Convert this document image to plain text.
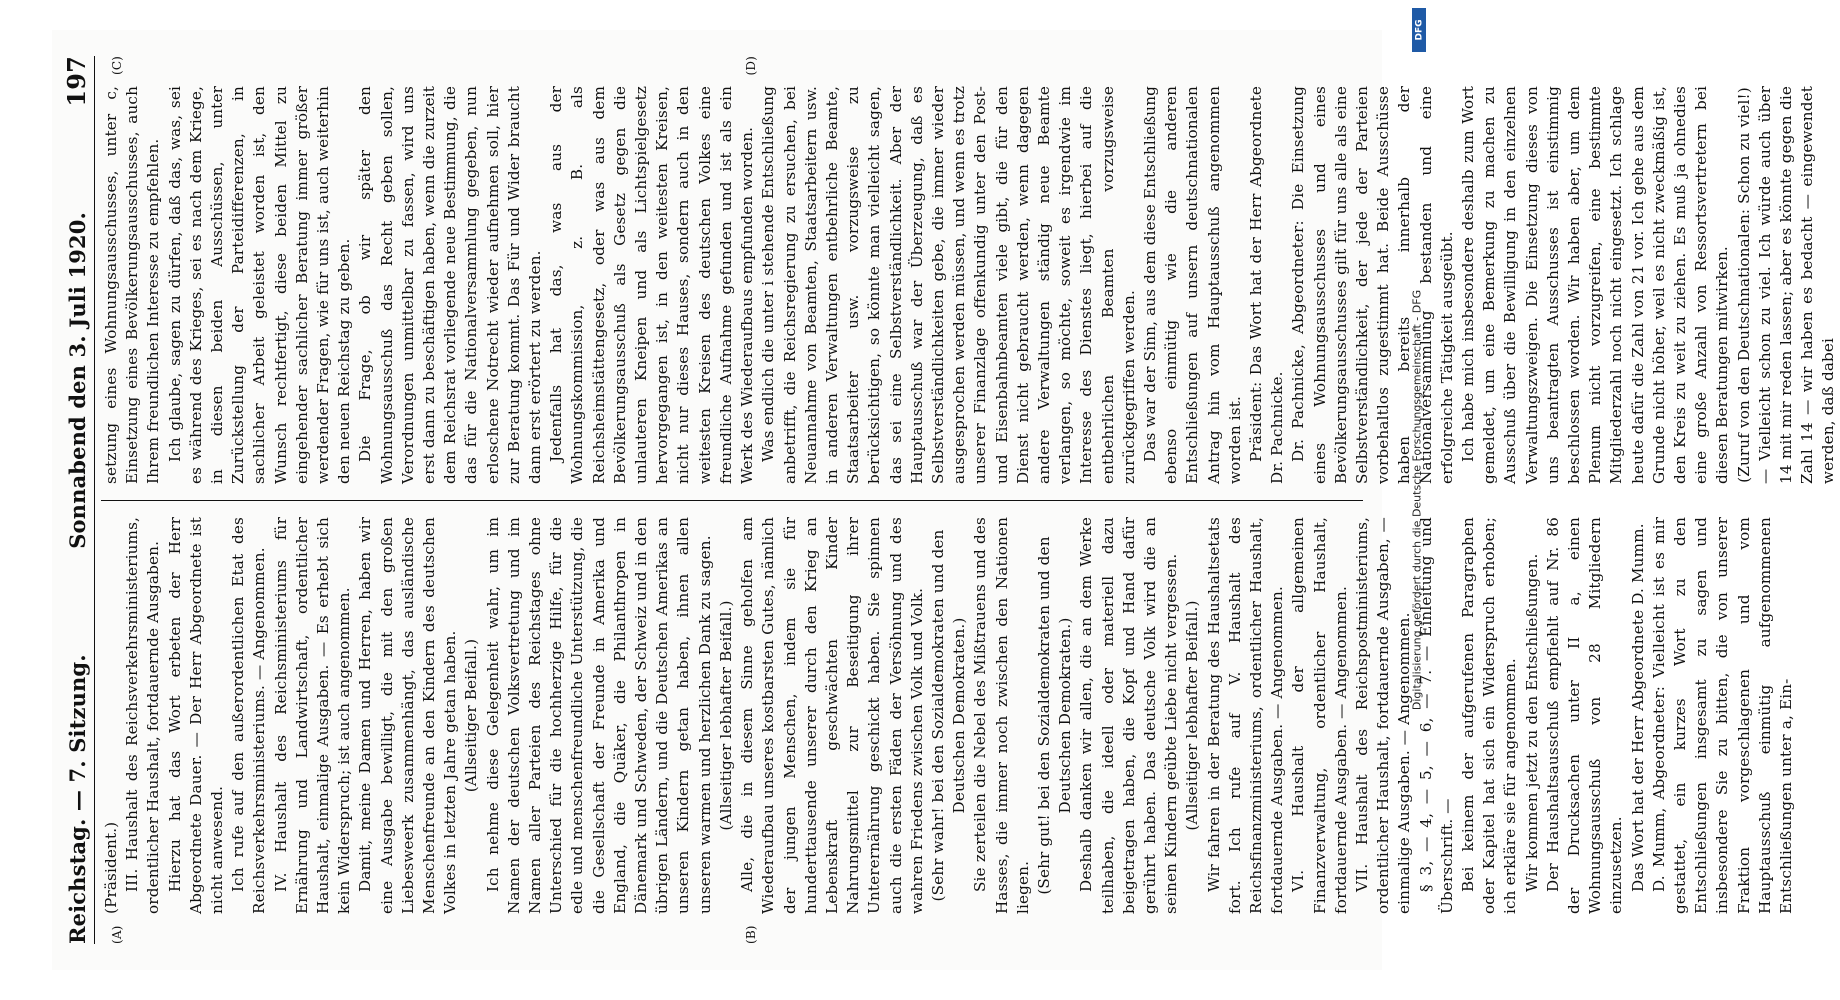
Reichstag. — 7. Sitzung.
Sonnabend den 3. Juli 1920.
197
(A)	(B)

(Präsident.) III. Haushalt des Reichsverkehrsministeriums, ordentlicher Haushalt, fortdauernde Ausgaben. Hierzu hat das Wort erbeten der Herr Abgeordnete Dauer. — Der Herr Abgeordnete ist nicht anwesend. Ich rufe auf den außerordentlichen Etat des Reichsverkehrsministeriums. — Angenommen. IV. Haushalt des Reichsministeriums für Ernährung und Landwirtschaft, ordentlicher Haushalt, einmalige Ausgaben. — Es erhebt sich kein Widerspruch; ist auch angenommen. Damit, meine Damen und Herren, haben wir eine Ausgabe bewilligt, die mit den großen Liebesweerk zusammenhängt, das ausländische Menschenfreunde an den Kindern des deutschen Volkes in letzten Jahre getan haben. (Allseitiger Beifall.) Ich nehme diese Gelegenheit wahr, um im Namen der deutschen Volksvertretung und im Namen aller Parteien des Reichstages ohne Unterschied für die hochherzige Hilfe, für die edle und menschenfreundliche Unterstützung, die die Gesellschaft der Freunde in Amerika und England, die Quäker, die Philanthropen in Dänemark und Schweden, der Schweiz und in den übrigen Ländern, und die Deutschen Amerikas an unseren Kindern getan haben, ihnen allen unseren warmen und herzlichen Dank zu sagen. (Allseitiger lebhafter Beifall.) Alle, die in diesem Sinne geholfen am Wiederaufbau unseres kostbarsten Gutes, nämlich der jungen Menschen, indem sie für hunderttausende unserer durch den Krieg an Lebenskraft geschwächten Kinder Nahrungsmittel zur Beseitigung ihrer Unterernährung geschickt haben. Sie spinnen auch die ersten Fäden der Versöhnung und des wahren Friedens zwischen Volk und Volk. (Sehr wahr! bei den Sozialdemokraten und den Deutschen Demokraten.) Sie zerteilen die Nebel des Mißtrauens und des Hasses, die immer noch zwischen den Nationen liegen. (Sehr gut! bei den Sozialdemokraten und den Deutschen Demokraten.) Deshalb danken wir allen, die an dem Werke teilhaben, die ideell oder materiell dazu beigetragen haben, die Kopf und Hand dafür gerührt haben. Das deutsche Volk wird die an seinen Kindern geübte Liebe nicht vergessen. (Allseitiger lebhafter Beifall.) Wir fahren in der Beratung des Haushaltsetats fort. Ich rufe auf V. Haushalt des Reichsfinanzministeriums, ordentlicher Haushalt, fortdauernde Ausgaben. — Angenommen. VI. Haushalt der allgemeinen Finanzverwaltung, ordentlicher Haushalt, fortdauernde Ausgaben. — Angenommen. VII. Haushalt des Reichspostministeriums, ordentlicher Haushalt, fortdauernde Ausgaben, — einmalige Ausgaben. — Angenommen. § 3, — 4, — 5, — 6, — 7. — Einleitung und Überschrift. — Bei keinem der aufgerufenen Paragraphen oder Kapitel hat sich ein Widerspruch erhoben; ich erkläre sie für angenommen. Wir kommen jetzt zu den Entschließungen. Der Haushaltsausschuß empfiehlt auf Nr. 86 der Drucksachen unter II a, einen Wohnungsausschuß von 28 Mitgliedern einzusetzen. Das Wort hat der Herr Abgeordnete D. Mumm. D. Mumm, Abgeordneter: Vielleicht ist es mir gestattet, ein kurzes Wort zu den Entschließungen insgesamt zu sagen und insbesondere Sie zu bitten, die von unserer Fraktion vorgeschlagenen und vom Hauptausschuß einmütig aufgenommenen Entschließungen unter a, Ein-

(C)	(D)

setzung eines Wohnungsausschusses, unter c, Einsetzung eines Bevölkerungsausschusses, auch Ihrem freundlichen Interesse zu empfehlen. Ich glaube, sagen zu dürfen, daß das, was, sei es während des Krieges, sei es nach dem Kriege, in diesen beiden Ausschüssen, unter Zurückstellung der Parteidifferenzen, in sachlicher Arbeit geleistet worden ist, den Wunsch rechtfertigt, diese beiden Mittel zu eingehender sachlicher Beratung immer größer werdender Fragen, wie für uns ist, auch weiterhin den neuen Reichstag zu geben. Die Frage, ob wir später den Wohnungsausschuß das Recht geben sollen, Verordnungen unmittelbar zu fassen, wird uns erst dann zu beschäftigen haben, wenn die zurzeit dem Reichsrat vorliegende neue Bestimmung, die das für die Nationalversammlung gegeben, nun erloschene Notrecht wieder aufnehmen soll, hier zur Beratung kommt. Das Für und Wider braucht dann erst erörtert zu werden. Jedenfalls hat das, was aus der Wohnungskommission, z. B. als Reichsheimstättengesetz, oder was aus dem Bevölkerungsausschuß als Gesetz gegen die unlauteren Kneipen und als Lichtspielgesetz hervorgegangen ist, in den weitesten Kreisen, nicht nur dieses Hauses, sondern auch in den weitesten Kreisen des deutschen Volkes eine freundliche Aufnahme gefunden und ist als ein Werk des Wiederaufbaus empfunden worden. Was endlich die unter i stehende Entschließung anbetrifft, die Reichsregierung zu ersuchen, bei Neuannahme von Beamten, Staatsarbeitern usw. in anderen Verwaltungen entbehrliche Beamte, Staatsarbeiter usw. vorzugsweise zu berücksichtigen, so könnte man vielleicht sagen, das sei eine Selbstverständlichkeit. Aber der Hauptausschuß war der Überzeugung, daß es Selbstverständlichkeiten gebe, die immer wieder ausgesprochen werden müssen, und wenn es trotz unserer Finanzlage offenkundig unter den Post- und Eisenbahnbeamten viele gibt, die für den Dienst nicht gebraucht werden, wenn dagegen andere Verwaltungen ständig neue Beamte verlangen, so möchte, soweit es irgendwie im Interesse des Dienstes liegt, hierbei auf die entbehrlichen Beamten vorzugsweise zurückgegriffen werden. Das war der Sinn, aus dem diese Entschließung ebenso einmütig wie die anderen Entschließungen auf unsern deutschnationalen Antrag hin vom Hauptausschuß angenommen worden ist. Präsident: Das Wort hat der Herr Abgeordnete Dr. Pachnicke. Dr. Pachnicke, Abgeordneter: Die Einsetzung eines Wohnungsausschusses und eines Bevölkerungsausschusses gilt für uns alle als eine Selbstverständlichkeit, der jede der Parteien vorbehaltlos zugestimmt hat. Beide Ausschüsse haben bereits innerhalb der Nationalversammlung bestanden und eine erfolgreiche Tätigkeit ausgeübt. Ich habe mich insbesondere deshalb zum Wort gemeldet, um eine Bemerkung zu machen zu Ausschuß über die Bewilligung in den einzelnen Verwaltungszweigen. Die Einsetzung dieses von uns beantragten Ausschusses ist einstimmig beschlossen worden. Wir haben aber, um dem Plenum nicht vorzugreifen, eine bestimmte Mitgliederzahl noch nicht eingesetzt. Ich schlage heute dafür die Zahl von 21 vor. Ich gehe aus dem Grunde nicht höher, weil es nicht zweckmäßig ist, den Kreis zu weit zu ziehen. Es muß ja ohnedies eine große Anzahl von Ressortsvertretern bei diesen Beratungen mitwirken. (Zuruf von den Deutschnationalen: Schon zu viel!) — Vielleicht schon zu viel. Ich würde auch über 14 mit mir reden lassen; aber es könnte gegen die Zahl 14 — wir haben es bedacht — eingewendet werden, daß dabei

DFG
Digitalisierung gefördert durch die Deutsche Forschungsgemeinschaft - DFG
